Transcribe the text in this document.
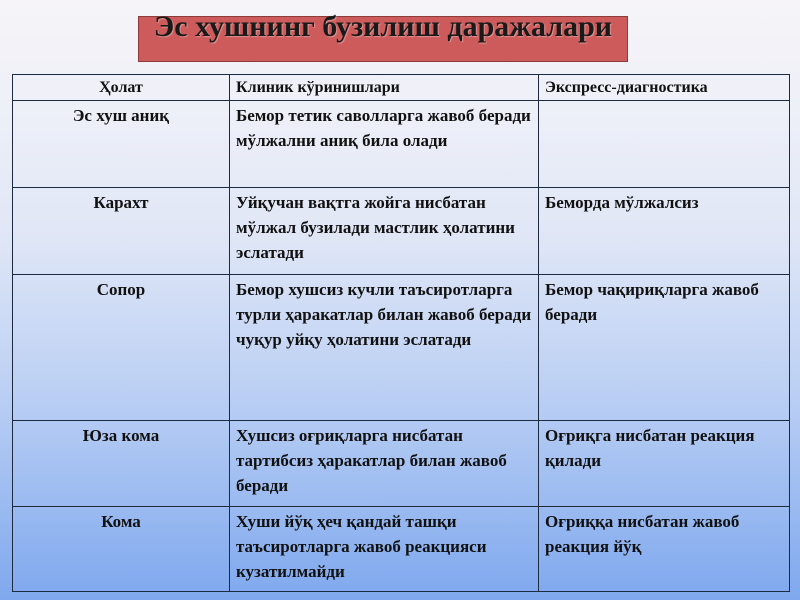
Эс хушнинг бузилиш даражалари
Ҳолат	Клиник кўринишлари	Экспресс-диагностика
Эс хуш аниқ	Бемор тетик саволларга жавоб беради мўлжални аниқ била олади	
Карахт	Уйқучан вақтга жойга нисбатан мўлжал бузилади мастлик ҳолатини эслатади	Беморда мўлжалсиз
Сопор	Бемор хушсиз кучли таъсиротларга турли ҳаракатлар билан жавоб беради чуқур уйқу ҳолатини эслатади	Бемор чақириқларга жавоб беради
Юза кома	Хушсиз оғриқларга нисбатан тартибсиз ҳаракатлар билан жавоб беради	Оғриқга нисбатан реакция қилади
Кома	Хуши йўқ ҳеч қандай ташқи таъсиротларга жавоб реакцияси кузатилмайди	Оғриққа нисбатан жавоб реакция йўқ
